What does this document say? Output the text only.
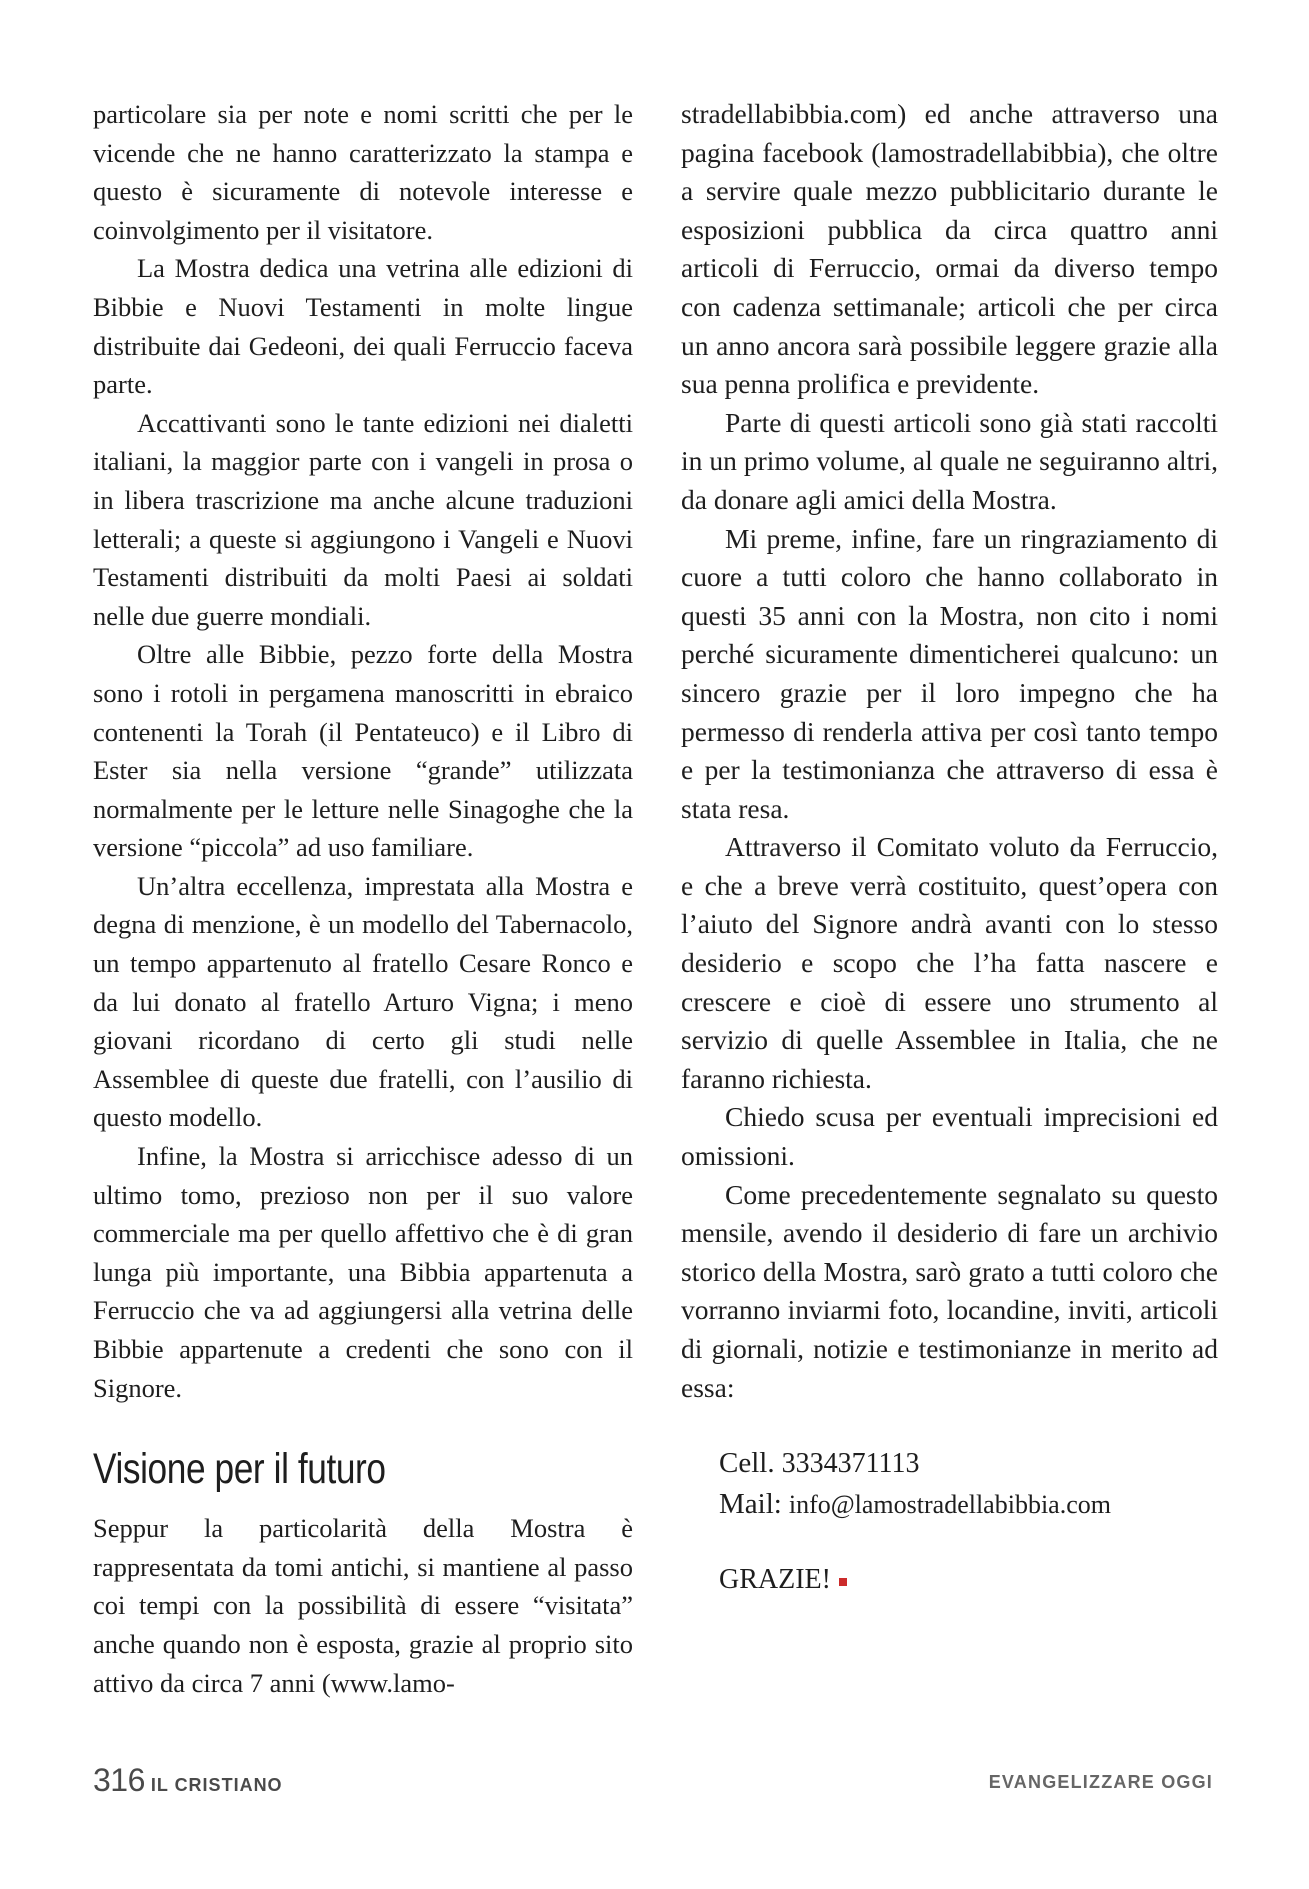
particolare sia per note e nomi scritti che per le vicende che ne hanno caratterizzato la stampa e questo è sicuramente di notevole interesse e coinvolgimento per il visitatore.

La Mostra dedica una vetrina alle edizioni di Bibbie e Nuovi Testamenti in molte lingue distribuite dai Gedeoni, dei quali Ferruccio faceva parte.

Accattivanti sono le tante edizioni nei dialetti italiani, la maggior parte con i vangeli in prosa o in libera trascrizione ma anche alcune traduzioni letterali; a queste si aggiungono i Vangeli e Nuovi Testamenti distribuiti da molti Paesi ai soldati nelle due guerre mondiali.

Oltre alle Bibbie, pezzo forte della Mostra sono i rotoli in pergamena manoscritti in ebraico contenenti la Torah (il Pentateuco) e il Libro di Ester sia nella versione “grande” utilizzata normalmente per le letture nelle Sinagoghe che la versione “piccola” ad uso familiare.

Un’altra eccellenza, imprestata alla Mostra e degna di menzione, è un modello del Tabernacolo, un tempo appartenuto al fratello Cesare Ronco e da lui donato al fratello Arturo Vigna; i meno giovani ricordano di certo gli studi nelle Assemblee di queste due fratelli, con l’ausilio di questo modello.

Infine, la Mostra si arricchisce adesso di un ultimo tomo, prezioso non per il suo valore commerciale ma per quello affettivo che è di gran lunga più importante, una Bibbia appartenuta a Ferruccio che va ad aggiungersi alla vetrina delle Bibbie appartenute a credenti che sono con il Signore.

Visione per il futuro

Seppur la particolarità della Mostra è rappresentata da tomi antichi, si mantiene al passo coi tempi con la possibilità di essere “visitata” anche quando non è esposta, grazie al proprio sito attivo da circa 7 anni (www.lamo-

stradellabibbia.com) ed anche attraverso una pagina facebook (lamostradellabibbia), che oltre a servire quale mezzo pubblicitario durante le esposizioni pubblica da circa quattro anni articoli di Ferruccio, ormai da diverso tempo con cadenza settimanale; articoli che per circa un anno ancora sarà possibile leggere grazie alla sua penna prolifica e previdente.

Parte di questi articoli sono già stati raccolti in un primo volume, al quale ne seguiranno altri, da donare agli amici della Mostra.

Mi preme, infine, fare un ringraziamento di cuore a tutti coloro che hanno collaborato in questi 35 anni con la Mostra, non cito i nomi perché sicuramente dimenticherei qualcuno: un sincero grazie per il loro impegno che ha permesso di renderla attiva per così tanto tempo e per la testimonianza che attraverso di essa è stata resa.

Attraverso il Comitato voluto da Ferruccio, e che a breve verrà costituito, quest’opera con l’aiuto del Signore andrà avanti con lo stesso desiderio e scopo che l’ha fatta nascere e crescere e cioè di essere uno strumento al servizio di quelle Assemblee in Italia, che ne faranno richiesta.

Chiedo scusa per eventuali imprecisioni ed omissioni.

Come precedentemente segnalato su questo mensile, avendo il desiderio di fare un archivio storico della Mostra, sarò grato a tutti coloro che vorranno inviarmi foto, locandine, inviti, articoli di giornali, notizie e testimonianze in merito ad essa:

Cell. 3334371113
Mail: info@lamostradellabibbia.com
GRAZIE!
316 IL CRISTIANO	EVANGELIZZARE OGGI
